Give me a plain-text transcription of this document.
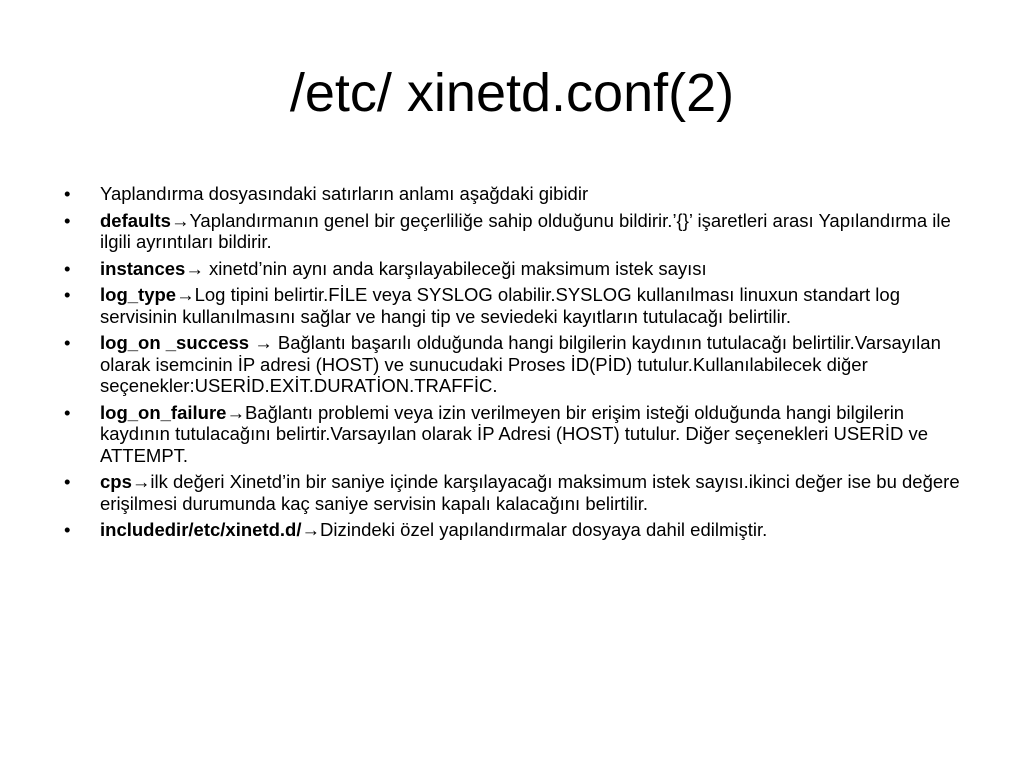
/etc/ xinetd.conf(2)
• Yaplandırma dosyasındaki satırların anlamı aşağdaki gibidir
• defaults→Yaplandırmanın genel bir geçerliliğe sahip olduğunu bildirir.’{}’ işaretleri arası Yapılandırma ile ilgili ayrıntıları bildirir.
• instances→ xinetd’nin aynı anda karşılayabileceği maksimum istek sayısı
• log_type→Log tipini belirtir.FİLE veya SYSLOG olabilir.SYSLOG kullanılması linuxun standart log servisinin kullanılmasını sağlar ve hangi tip ve seviedeki kayıtların tutulacağı belirtilir.
• log_on _success → Bağlantı başarılı olduğunda hangi bilgilerin kaydının tutulacağı belirtilir.Varsayılan olarak isemcinin İP adresi (HOST) ve sunucudaki Proses İD(PİD) tutulur.Kullanılabilecek diğer seçenekler:USERİD.EXİT.DURATİON.TRAFFİC.
• log_on_failure→Bağlantı problemi veya izin verilmeyen bir erişim isteği olduğunda hangi bilgilerin kaydının tutulacağını belirtir.Varsayılan olarak İP Adresi (HOST) tutulur. Diğer seçenekleri USERİD ve ATTEMPT.
• cps→ilk değeri Xinetd’in bir saniye içinde karşılayacağı maksimum istek sayısı.ikinci değer ise bu değere erişilmesi durumunda kaç saniye servisin kapalı kalacağını belirtilir.
• includedir/etc/xinetd.d/→Dizindeki özel yapılandırmalar dosyaya dahil edilmiştir.
